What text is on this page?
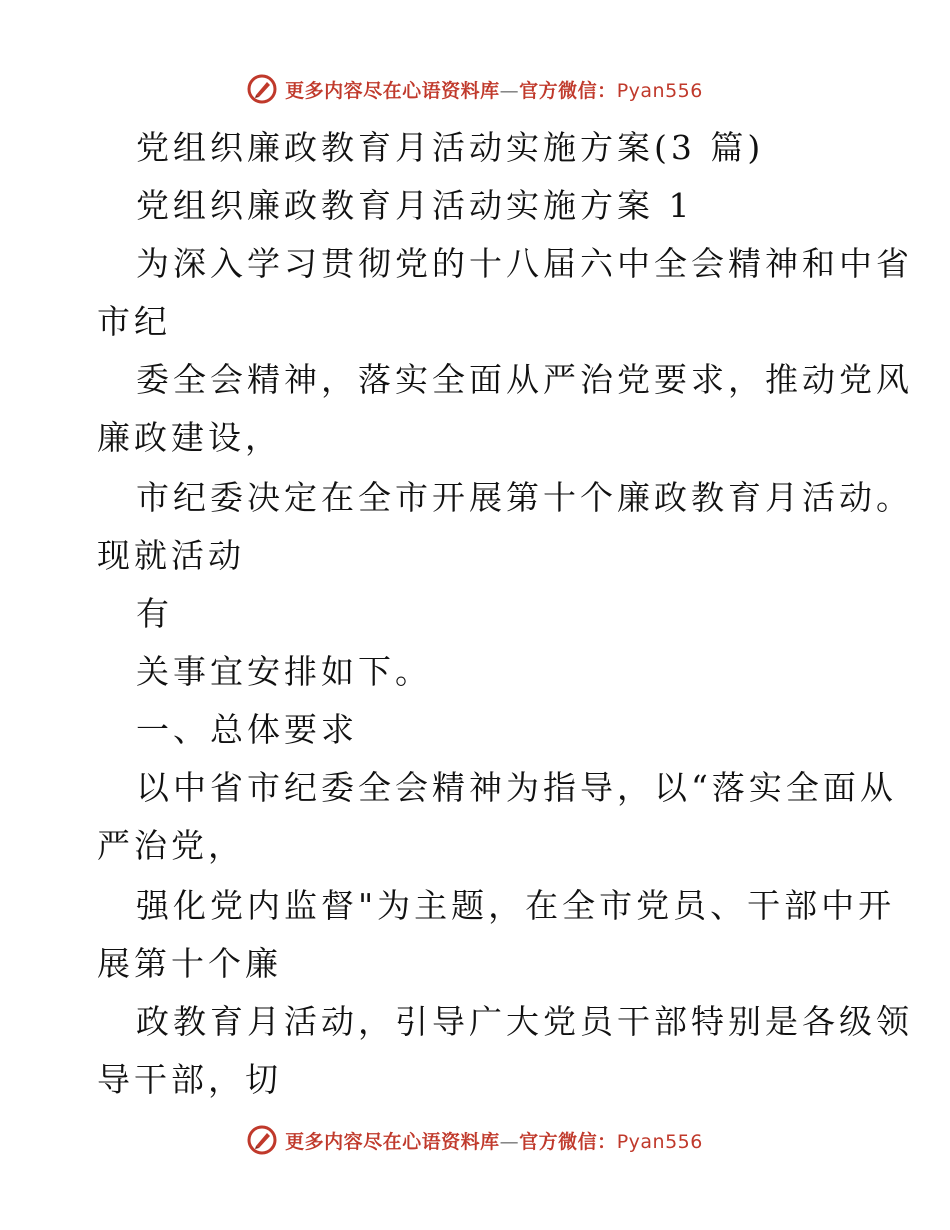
更多内容尽在心语资料库—官方微信：Pyan556
党组织廉政教育月活动实施方案(3 篇)
党组织廉政教育月活动实施方案 1
为深入学习贯彻党的十八届六中全会精神和中省
市纪
委全会精神，落实全面从严治党要求，推动党风
廉政建设，
市纪委决定在全市开展第十个廉政教育月活动。
现就活动
有
关事宜安排如下。
一、总体要求
以中省市纪委全会精神为指导，以“落实全面从
严治党，
强化党内监督"为主题，在全市党员、干部中开
展第十个廉
政教育月活动，引导广大党员干部特别是各级领
导干部，切
更多内容尽在心语资料库—官方微信：Pyan556
